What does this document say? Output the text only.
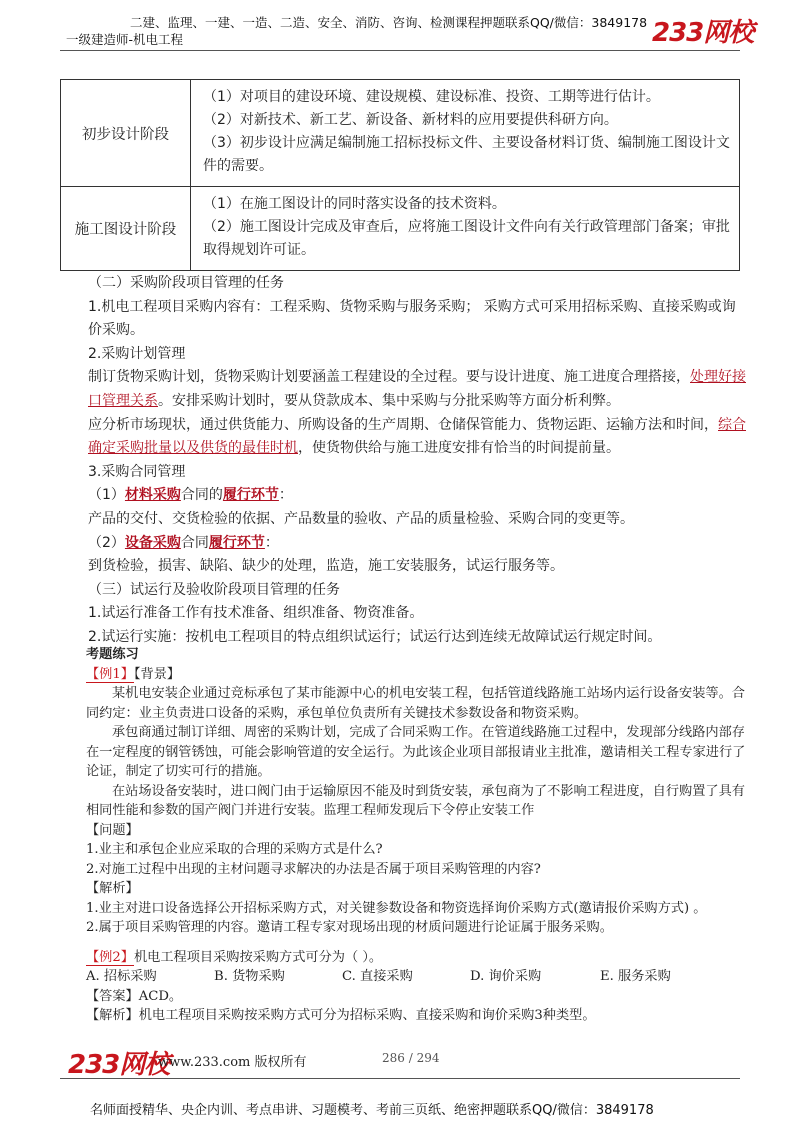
二建、监理、一建、一造、二造、安全、消防、咨询、检测课程押题联系QQ/微信：3849178
一级建造师-机电工程	233网校
初步设计阶段	（1）对项目的建设环境、建设规模、建设标准、投资、工期等进行估计。
（2）对新技术、新工艺、新设备、新材料的应用要提供科研方向。
（3）初步设计应满足编制施工招标投标文件、主要设备材料订货、编制施工图设计文件的需要。

施工图设计阶段	（1）在施工图设计的同时落实设备的技术资料。
（2）施工图设计完成及审查后，应将施工图设计文件向有关行政管理部门备案；审批取得规划许可证。

（二）采购阶段项目管理的任务

1.机电工程项目采购内容有：工程采购、货物采购与服务采购； 采购方式可采用招标采购、直接采购或询价采购。

2.采购计划管理

制订货物采购计划，货物采购计划要涵盖工程建设的全过程。要与设计进度、施工进度合理搭接，处理好接口管理关系。安排采购计划时，要从贷款成本、集中采购与分批采购等方面分析利弊。

应分析市场现状，通过供货能力、所购设备的生产周期、仓储保管能力、货物运距、运输方法和时间，综合确定采购批量以及供货的最佳时机，使货物供给与施工进度安排有恰当的时间提前量。

3.采购合同管理

（1）材料采购合同的履行环节：

产品的交付、交货检验的依据、产品数量的验收、产品的质量检验、采购合同的变更等。

（2）设备采购合同履行环节：

到货检验，损害、缺陷、缺少的处理，监造，施工安装服务，试运行服务等。

（三）试运行及验收阶段项目管理的任务

1.试运行准备工作有技术准备、组织准备、物资准备。

2.试运行实施：按机电工程项目的特点组织试运行；试运行达到连续无故障试运行规定时间。

考题练习

【例1】【背景】

某机电安装企业通过竞标承包了某市能源中心的机电安装工程，包括管道线路施工站场内运行设备安装等。合同约定：业主负责进口设备的采购，承包单位负责所有关键技术参数设备和物资采购。

承包商通过制订详细、周密的采购计划，完成了合同采购工作。在管道线路施工过程中，发现部分线路内部存在一定程度的钢管锈蚀，可能会影响管道的安全运行。为此该企业项目部报请业主批准，邀请相关工程专家进行了论证，制定了切实可行的措施。

在站场设备安装时，进口阀门由于运输原因不能及时到货安装，承包商为了不影响工程进度，自行购置了具有相同性能和参数的国产阀门并进行安装。监理工程师发现后下令停止安装工作

【问题】

1.业主和承包企业应采取的合理的采购方式是什么?

2.对施工过程中出现的主材问题寻求解决的办法是否属于项目采购管理的内容?

【解析】

1.业主对进口设备选择公开招标采购方式，对关键参数设备和物资选择询价采购方式(邀请报价采购方式) 。

2.属于项目采购管理的内容。邀请工程专家对现场出现的材质问题进行论证属于服务采购。

【例2】机电工程项目采购按采购方式可分为（ ）。

A. 招标采购	B. 货物采购	C. 直接采购	D. 询价采购	E. 服务采购

【答案】ACD。

【解析】机电工程项目采购按采购方式可分为招标采购、直接采购和询价采购3种类型。

233网校
www.233.com 版权所有	286 / 294
名师面授精华、央企内训、考点串讲、习题模考、考前三页纸、绝密押题联系QQ/微信：3849178
